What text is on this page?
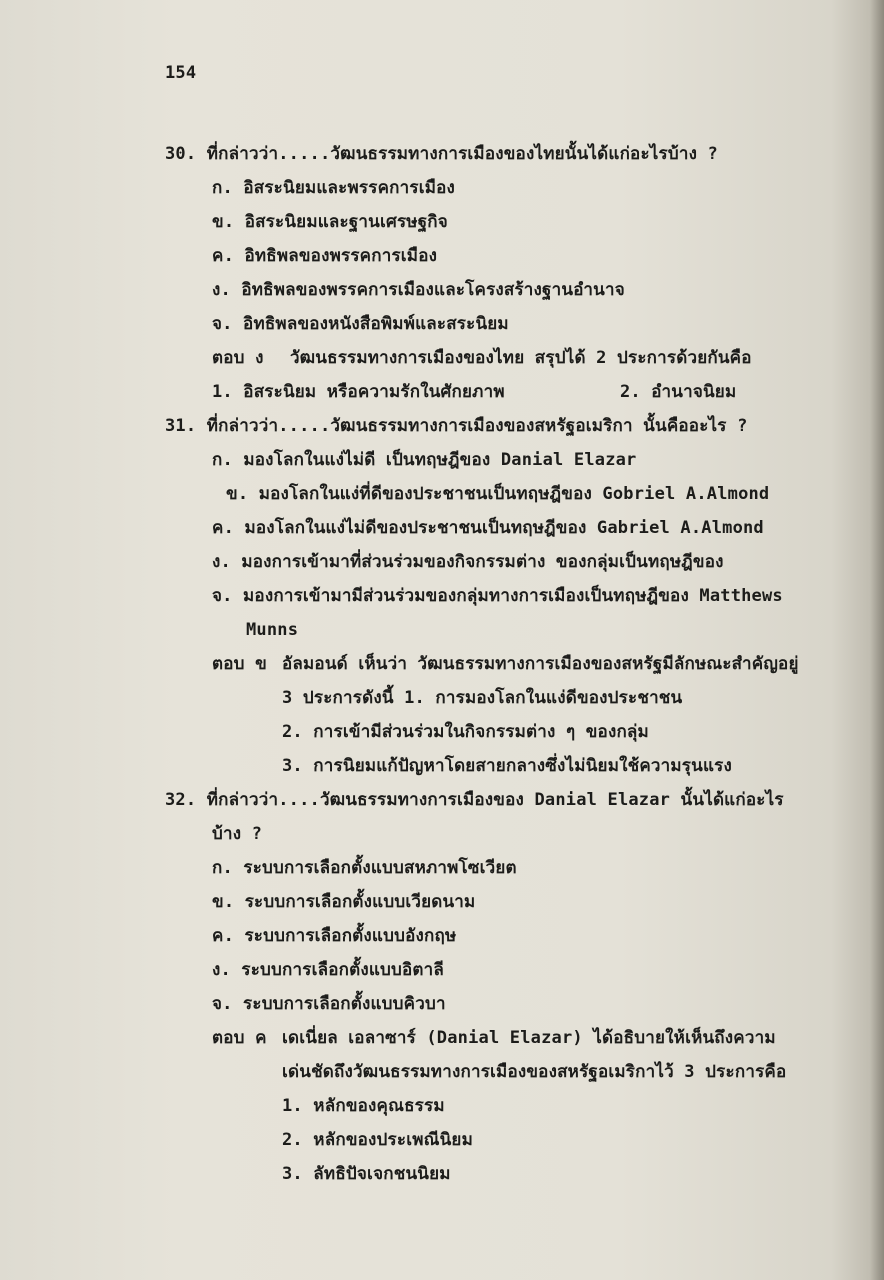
154
30. ที่กล่าวว่า.....วัฒนธรรมทางการเมืองของไทยนั้นได้แก่อะไรบ้าง ?
ก. อิสระนิยมและพรรคการเมือง
ข. อิสระนิยมและฐานเศรษฐกิจ
ค. อิทธิพลของพรรคการเมือง
ง. อิทธิพลของพรรคการเมืองและโครงสร้างฐานอำนาจ
จ. อิทธิพลของหนังสือพิมพ์และสระนิยม
ตอบ ง วัฒนธรรมทางการเมืองของไทย สรุปได้ 2 ประการด้วยกันคือ
1. อิสระนิยม หรือความรักในศักยภาพ	2. อำนาจนิยม
31. ที่กล่าวว่า.....วัฒนธรรมทางการเมืองของสหรัฐอเมริกา นั้นคืออะไร ?
ก. มองโลกในแง่ไม่ดี เป็นทฤษฎีของ Danial Elazar
ข. มองโลกในแง่ที่ดีของประชาชนเป็นทฤษฎีของ Gobriel A.Almond
ค. มองโลกในแง่ไม่ดีของประชาชนเป็นทฤษฎีของ Gabriel A.Almond
ง. มองการเข้ามาที่ส่วนร่วมของกิจกรรมต่าง ของกลุ่มเป็นทฤษฎีของ
จ. มองการเข้ามามีส่วนร่วมของกลุ่มทางการเมืองเป็นทฤษฎีของ Matthews
Munns
ตอบ ข อัลมอนด์ เห็นว่า วัฒนธรรมทางการเมืองของสหรัฐมีลักษณะสำคัญอยู่
3 ประการดังนี้ 1. การมองโลกในแง่ดีของประชาชน
2. การเข้ามีส่วนร่วมในกิจกรรมต่าง ๆ ของกลุ่ม
3. การนิยมแก้ปัญหาโดยสายกลางซึ่งไม่นิยมใช้ความรุนแรง
32. ที่กล่าวว่า....วัฒนธรรมทางการเมืองของ Danial Elazar นั้นได้แก่อะไร
บ้าง ?
ก. ระบบการเลือกตั้งแบบสหภาพโซเวียต
ข. ระบบการเลือกตั้งแบบเวียดนาม
ค. ระบบการเลือกตั้งแบบอังกฤษ
ง. ระบบการเลือกตั้งแบบอิตาลี
จ. ระบบการเลือกตั้งแบบคิวบา
ตอบ ค เดเนี่ยล เอลาซาร์ (Danial Elazar) ได้อธิบายให้เห็นถึงความ
เด่นชัดถึงวัฒนธรรมทางการเมืองของสหรัฐอเมริกาไว้ 3 ประการคือ
1. หลักของคุณธรรม
2. หลักของประเพณีนิยม
3. ลัทธิปัจเจกชนนิยม
